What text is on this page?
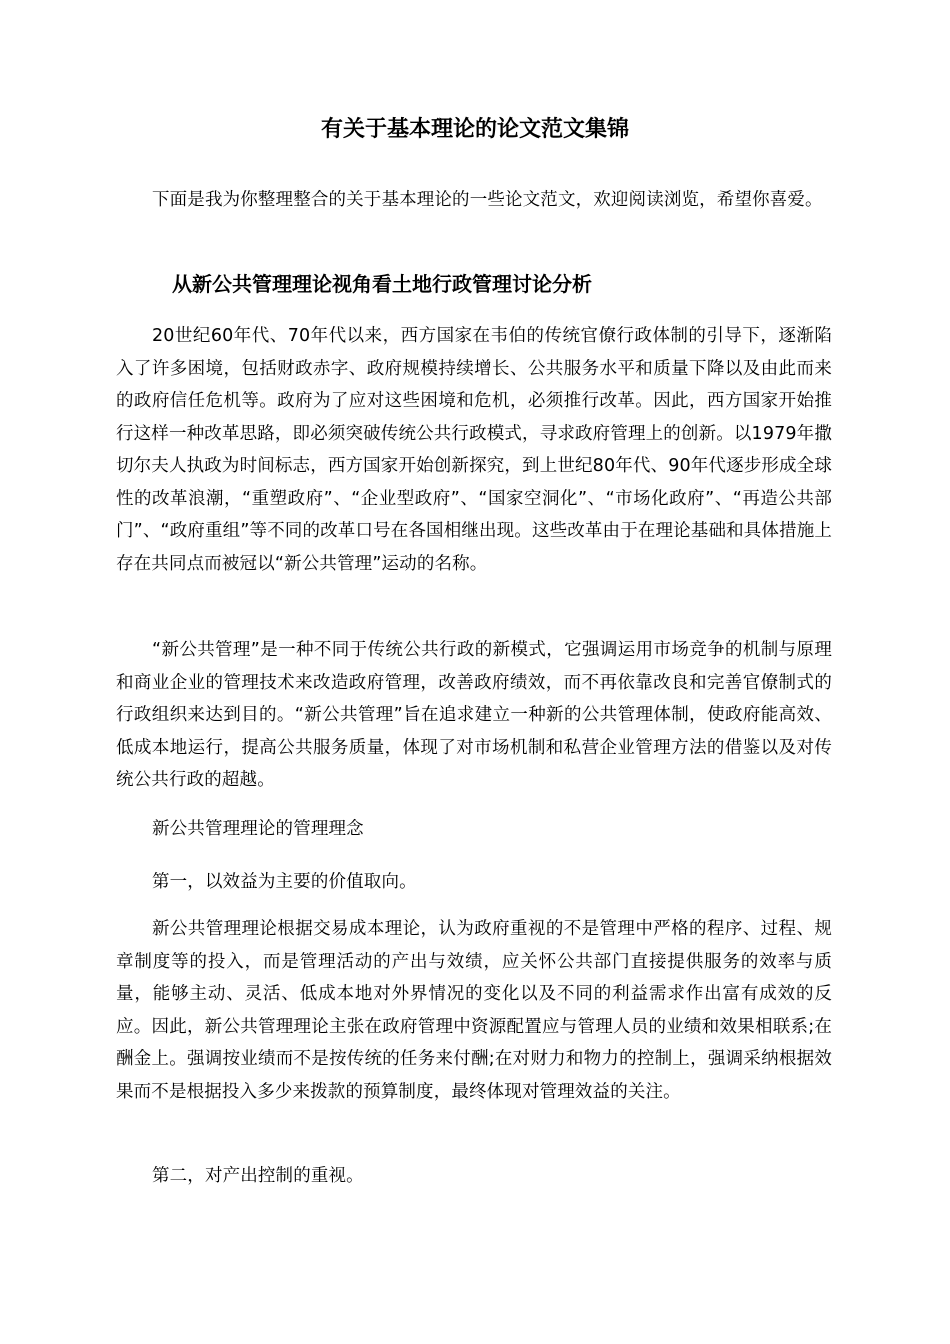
有关于基本理论的论文范文集锦

下面是我为你整理整合的关于基本理论的一些论文范文，欢迎阅读浏览，希望你喜爱。

从新公共管理理论视角看土地行政管理讨论分析

20世纪60年代、70年代以来，西方国家在韦伯的传统官僚行政体制的引导下，逐渐陷入了许多困境，包括财政赤字、政府规模持续增长、公共服务水平和质量下降以及由此而来的政府信任危机等。政府为了应对这些困境和危机，必须推行改革。因此，西方国家开始推行这样一种改革思路，即必须突破传统公共行政模式，寻求政府管理上的创新。以1979年撒切尔夫人执政为时间标志，西方国家开始创新探究，到上世纪80年代、90年代逐步形成全球性的改革浪潮，“重塑政府”、“企业型政府”、“国家空洞化”、“市场化政府”、“再造公共部门”、“政府重组”等不同的改革口号在各国相继出现。这些改革由于在理论基础和具体措施上存在共同点而被冠以“新公共管理”运动的名称。

“新公共管理”是一种不同于传统公共行政的新模式，它强调运用市场竞争的机制与原理和商业企业的管理技术来改造政府管理，改善政府绩效，而不再依靠改良和完善官僚制式的行政组织来达到目的。“新公共管理”旨在追求建立一种新的公共管理体制，使政府能高效、低成本地运行，提高公共服务质量，体现了对市场机制和私营企业管理方法的借鉴以及对传统公共行政的超越。

新公共管理理论的管理理念

第一，以效益为主要的价值取向。

新公共管理理论根据交易成本理论，认为政府重视的不是管理中严格的程序、过程、规章制度等的投入，而是管理活动的产出与效绩，应关怀公共部门直接提供服务的效率与质量，能够主动、灵活、低成本地对外界情况的变化以及不同的利益需求作出富有成效的反应。因此，新公共管理理论主张在政府管理中资源配置应与管理人员的业绩和效果相联系;在酬金上。强调按业绩而不是按传统的任务来付酬;在对财力和物力的控制上，强调采纳根据效果而不是根据投入多少来拨款的预算制度，最终体现对管理效益的关注。

第二，对产出控制的重视。
